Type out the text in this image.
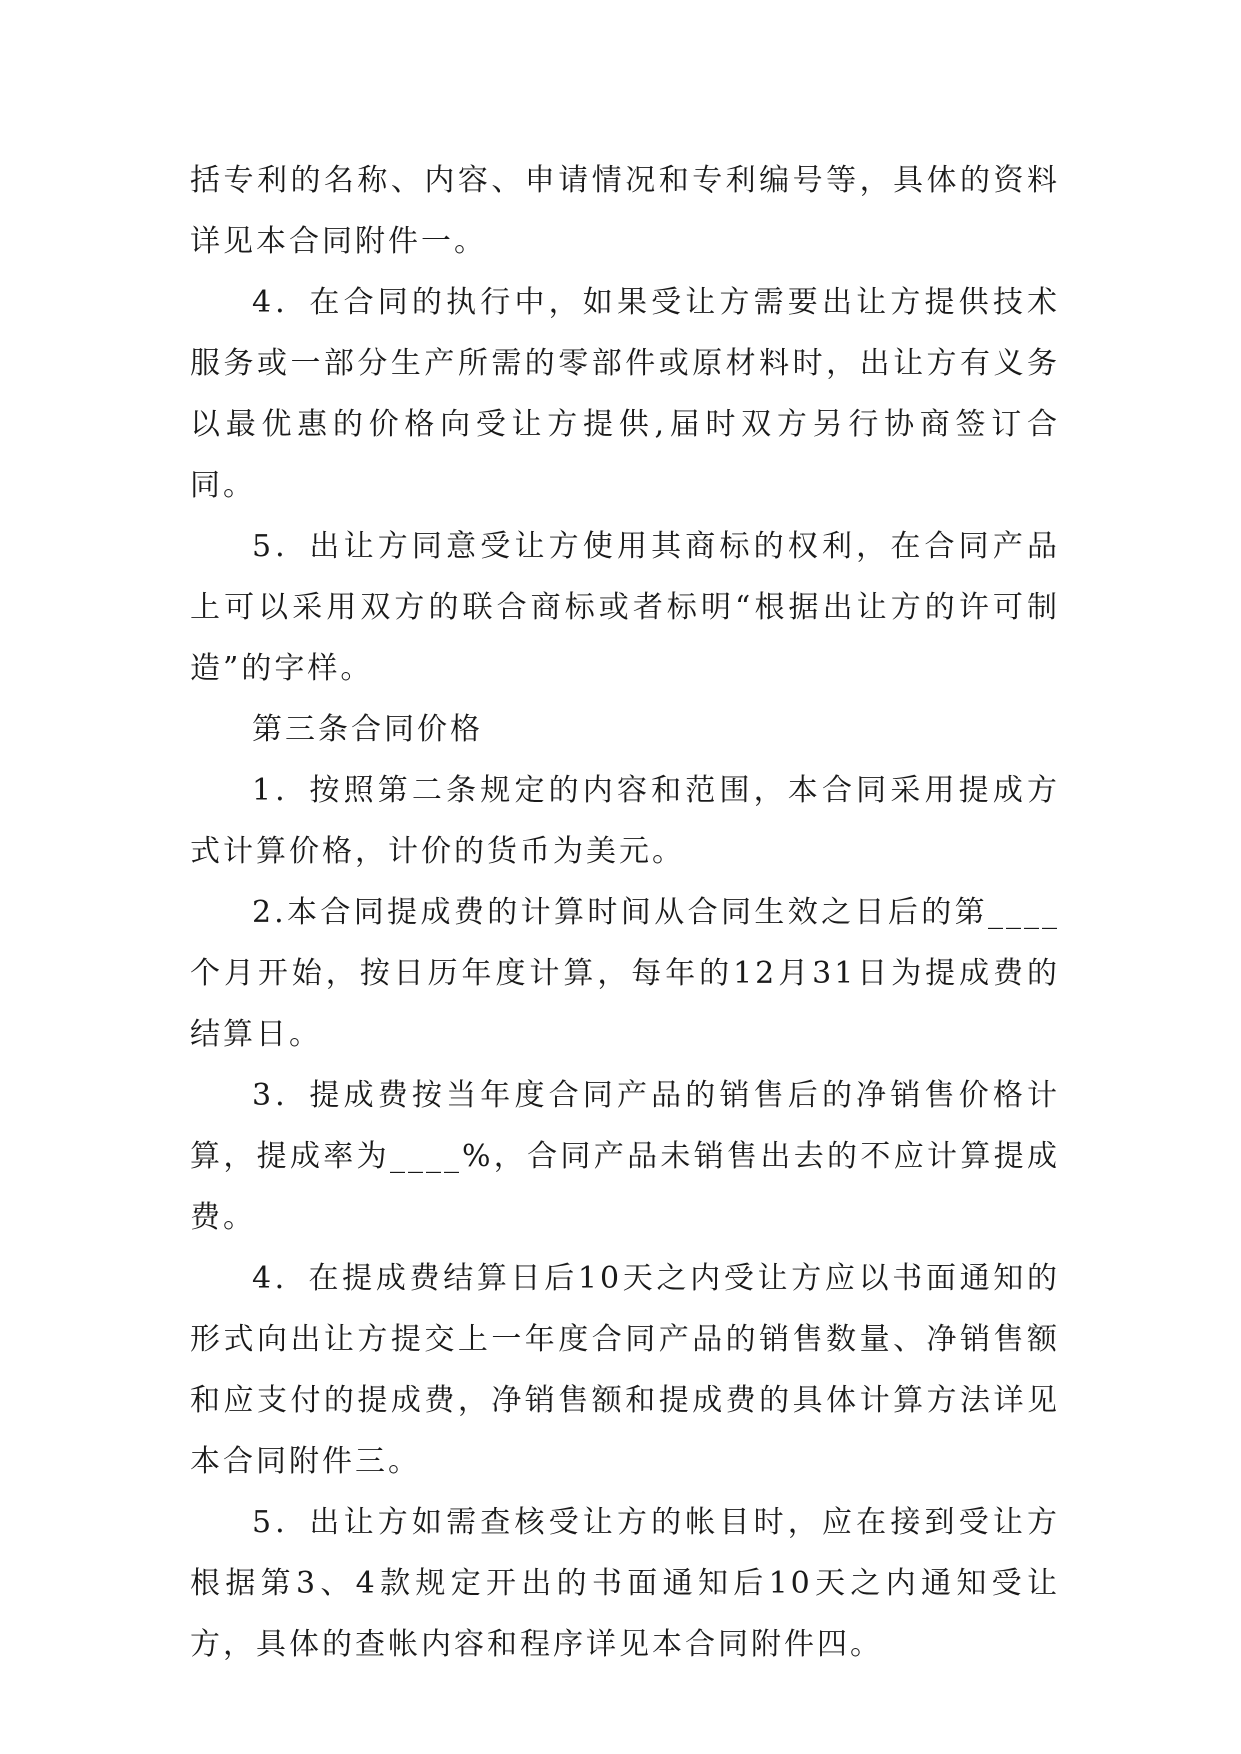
括专利的名称、内容、申请情况和专利编号等，具体的资料详见本合同附件一。

4．在合同的执行中，如果受让方需要出让方提供技术服务或一部分生产所需的零部件或原材料时，出让方有义务以最优惠的价格向受让方提供,届时双方另行协商签订合同。

5．出让方同意受让方使用其商标的权利，在合同产品上可以采用双方的联合商标或者标明“根据出让方的许可制造”的字样。

第三条合同价格

1．按照第二条规定的内容和范围，本合同采用提成方式计算价格，计价的货币为美元。

2.本合同提成费的计算时间从合同生效之日后的第____个月开始，按日历年度计算，每年的12月31日为提成费的结算日。

3．提成费按当年度合同产品的销售后的净销售价格计算，提成率为____%，合同产品未销售出去的不应计算提成费。

4．在提成费结算日后10天之内受让方应以书面通知的形式向出让方提交上一年度合同产品的销售数量、净销售额和应支付的提成费，净销售额和提成费的具体计算方法详见本合同附件三。

5．出让方如需查核受让方的帐目时，应在接到受让方根据第3、4款规定开出的书面通知后10天之内通知受让方，具体的查帐内容和程序详见本合同附件四。
